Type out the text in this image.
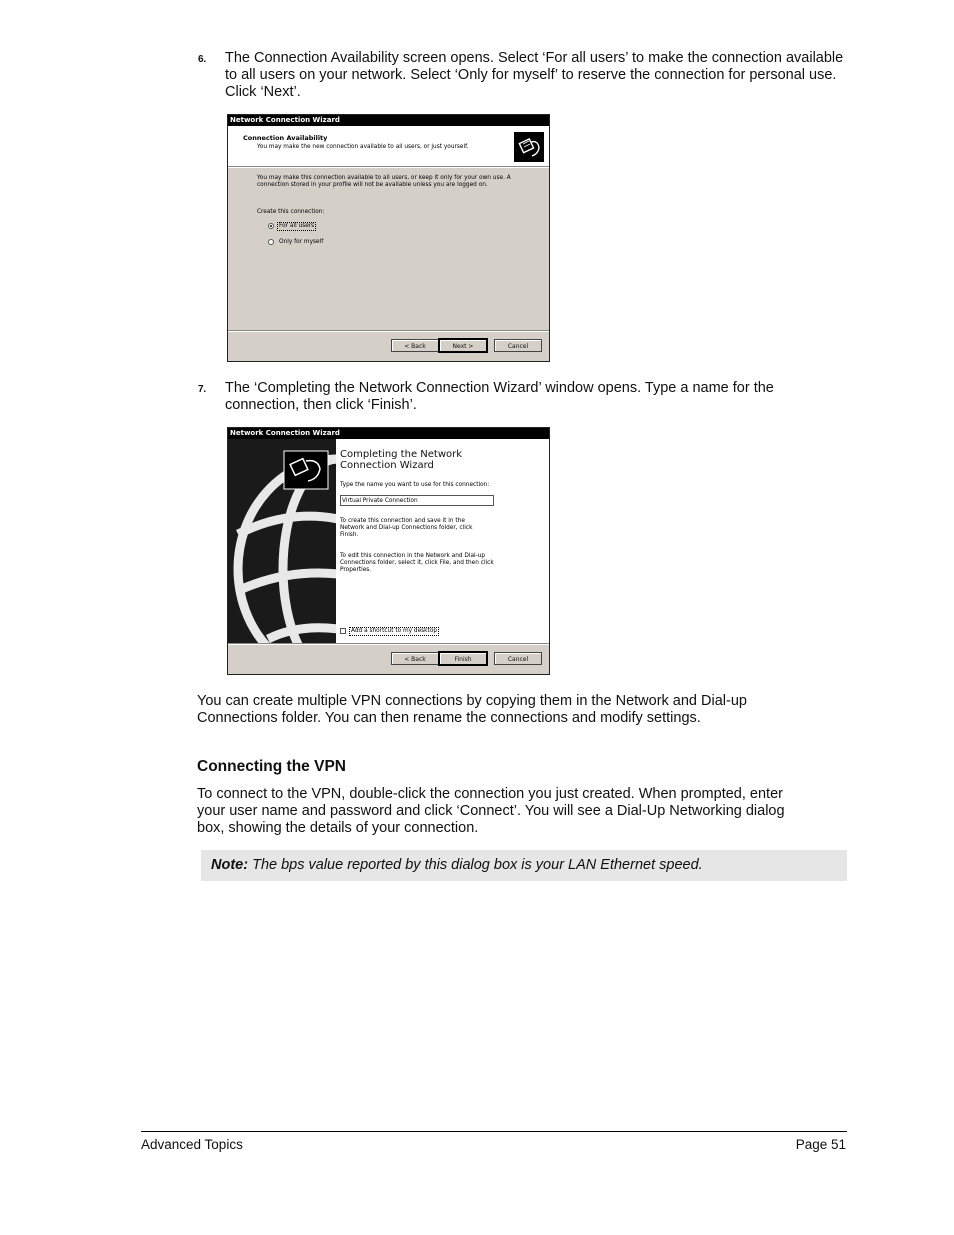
6. The Connection Availability screen opens. Select ‘For all users’ to make the connection available to all users on your network. Select ‘Only for myself’ to reserve the connection for personal use. Click ‘Next’.
Network Connection Wizard
Connection Availability
You may make the new connection available to all users, or just yourself.
You may make this connection available to all users, or keep it only for your own use. A
connection stored in your profile will not be available unless you are logged on.
Create this connection:
For all users
Only for myself
< Back	Next >	Cancel
7. The ‘Completing the Network Connection Wizard’ window opens. Type a name for the connection, then click ‘Finish’.
Network Connection Wizard
Completing the Network
Connection Wizard
Type the name you want to use for this connection:
Virtual Private Connection
To create this connection and save it in the
Network and Dial-up Connections folder, click
Finish.
To edit this connection in the Network and Dial-up
Connections folder, select it, click File, and then click
Properties.
Add a shortcut to my desktop
< Back	Finish	Cancel
You can create multiple VPN connections by copying them in the Network and Dial-up
Connections folder. You can then rename the connections and modify settings.
Connecting the VPN
To connect to the VPN, double-click the connection you just created. When prompted, enter
your user name and password and click ‘Connect’. You will see a Dial-Up Networking dialog
box, showing the details of your connection.
Note: The bps value reported by this dialog box is your LAN Ethernet speed.
Advanced Topics	Page 51
